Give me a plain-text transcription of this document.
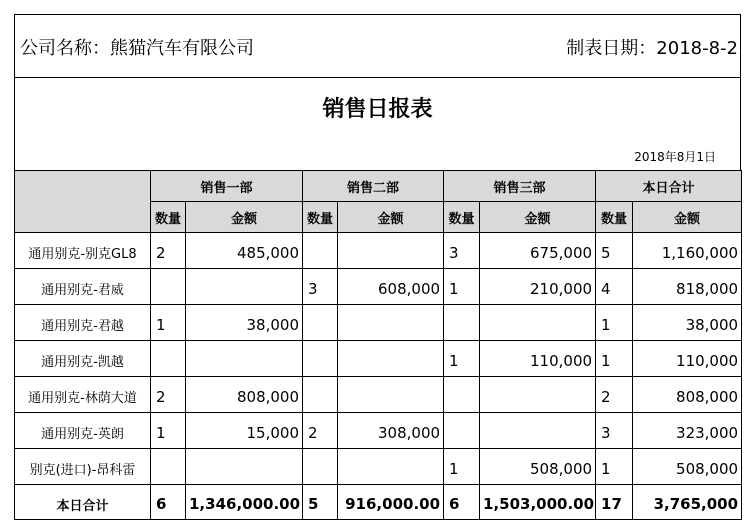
公司名称：熊猫汽车有限公司	制表日期：2018-8-2
销售日报表
2018年8月1日
	销售一部		销售二部		销售三部		本日合计	
	数量	金额	数量	金额	数量	金额	数量	金额
通用别克-别克GL8	2	485,000			3	675,000	5	1,160,000
通用别克-君威			3	608,000	1	210,000	4	818,000
通用别克-君越	1	38,000					1	38,000
通用别克-凯越					1	110,000	1	110,000
通用别克-林荫大道	2	808,000					2	808,000
通用别克-英朗	1	15,000	2	308,000			3	323,000
别克(进口)-昂科雷					1	508,000	1	508,000
本日合计	6	1,346,000.00	5	916,000.00	6	1,503,000.00	17	3,765,000
